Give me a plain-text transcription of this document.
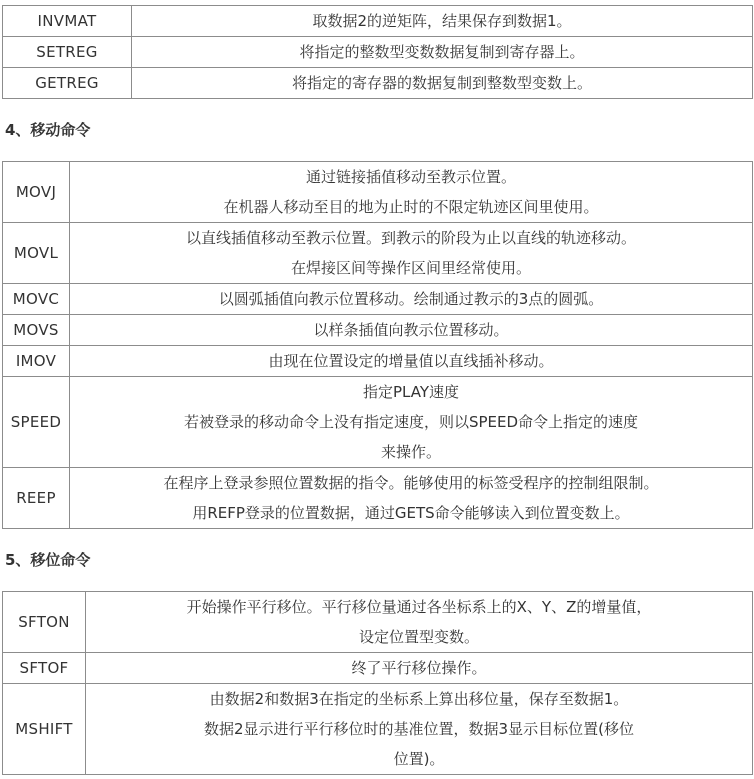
INVMAT	取数据2的逆矩阵，结果保存到数据1。

SETREG	将指定的整数型变数数据复制到寄存器上。

GETREG	将指定的寄存器的数据复制到整数型变数上。
4、移动命令
MOVJ	通过链接插值移动至教示位置。
在机器人移动至目的地为止时的不限定轨迹区间里使用。

MOVL	以直线插值移动至教示位置。到教示的阶段为止以直线的轨迹移动。
在焊接区间等操作区间里经常使用。

MOVC	以圆弧插值向教示位置移动。绘制通过教示的3点的圆弧。

MOVS	以样条插值向教示位置移动。

IMOV	由现在位置设定的增量值以直线插补移动。

SPEED	指定PLAY速度
若被登录的移动命令上没有指定速度，则以SPEED命令上指定的速度
来操作。

REEP	在程序上登录参照位置数据的指令。能够使用的标签受程序的控制组限制。
用REFP登录的位置数据，通过GETS命令能够读入到位置变数上。
5、移位命令
SFTON	开始操作平行移位。平行移位量通过各坐标系上的X、Y、Z的增量值，
设定位置型变数。

SFTOF	终了平行移位操作。

MSHIFT	由数据2和数据3在指定的坐标系上算出移位量，保存至数据1。
数据2显示进行平行移位时的基准位置，数据3显示目标位置(移位
位置)。
